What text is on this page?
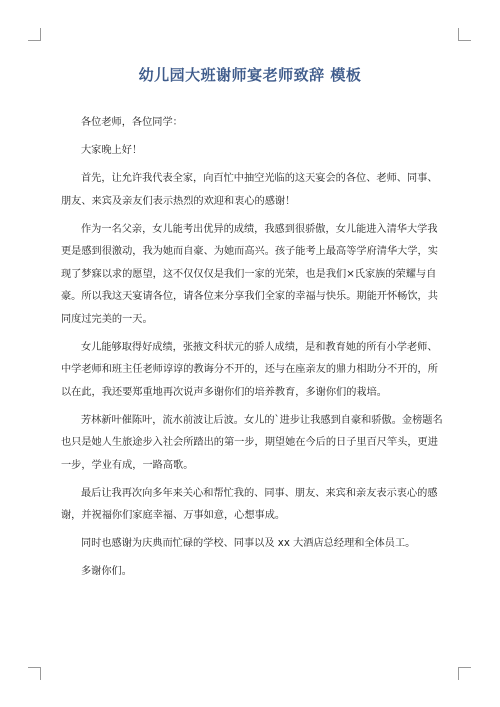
幼儿园大班谢师宴老师致辞 模板

各位老师，各位同学：

大家晚上好！

首先，让允许我代表全家，向百忙中抽空光临的这天宴会的各位、老师、同事、朋友、来宾及亲友们表示热烈的欢迎和衷心的感谢！

作为一名父亲，女儿能考出优异的成绩，我感到很骄傲，女儿能进入清华大学我更是感到很激动，我为她而自豪、为她而高兴。孩子能考上最高等学府清华大学，实现了梦寐以求的愿望，这不仅仅仅是我们一家的光荣，也是我们×氏家族的荣耀与自豪。所以我这天宴请各位，请各位来分享我们全家的幸福与快乐。期能开怀畅饮，共同度过完美的一天。

女儿能够取得好成绩，张掖文科状元的骄人成绩，是和教育她的所有小学老师、中学老师和班主任老师谆谆的教诲分不开的，还与在座亲友的鼎力相助分不开的，所以在此，我还要郑重地再次说声多谢你们的培养教育，多谢你们的栽培。

芳林新叶催陈叶，流水前波让后波。女儿的`进步让我感到自豪和骄傲。金榜题名也只是她人生旅途步入社会所踏出的第一步，期望她在今后的日子里百尺竿头，更进一步，学业有成，一路高歌。

最后让我再次向多年来关心和帮忙我的、同事、朋友、来宾和亲友表示衷心的感谢，并祝福你们家庭幸福、万事如意，心想事成。

同时也感谢为庆典而忙碌的学校、同事以及 xx 大酒店总经理和全体员工。

多谢你们。
